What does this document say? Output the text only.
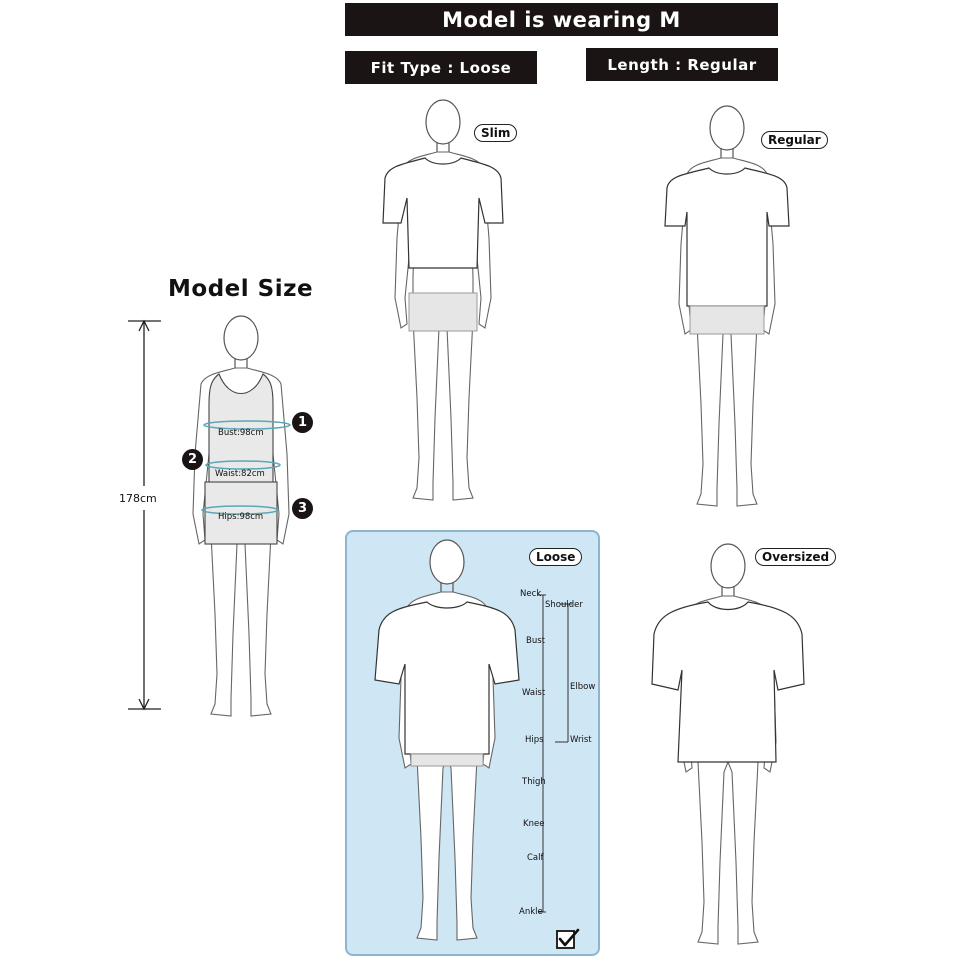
Model is wearing M
Fit Type : Loose	Length : Regular
Model Size
178cm
Bust:98cm
Waist:82cm
Hips:98cm
1
2
3
Slim	Regular
Loose	Oversized
Neck
Shoulder
Bust
Elbow
Waist
Hips	Wrist
Thigh
Knee
Calf
Ankle
